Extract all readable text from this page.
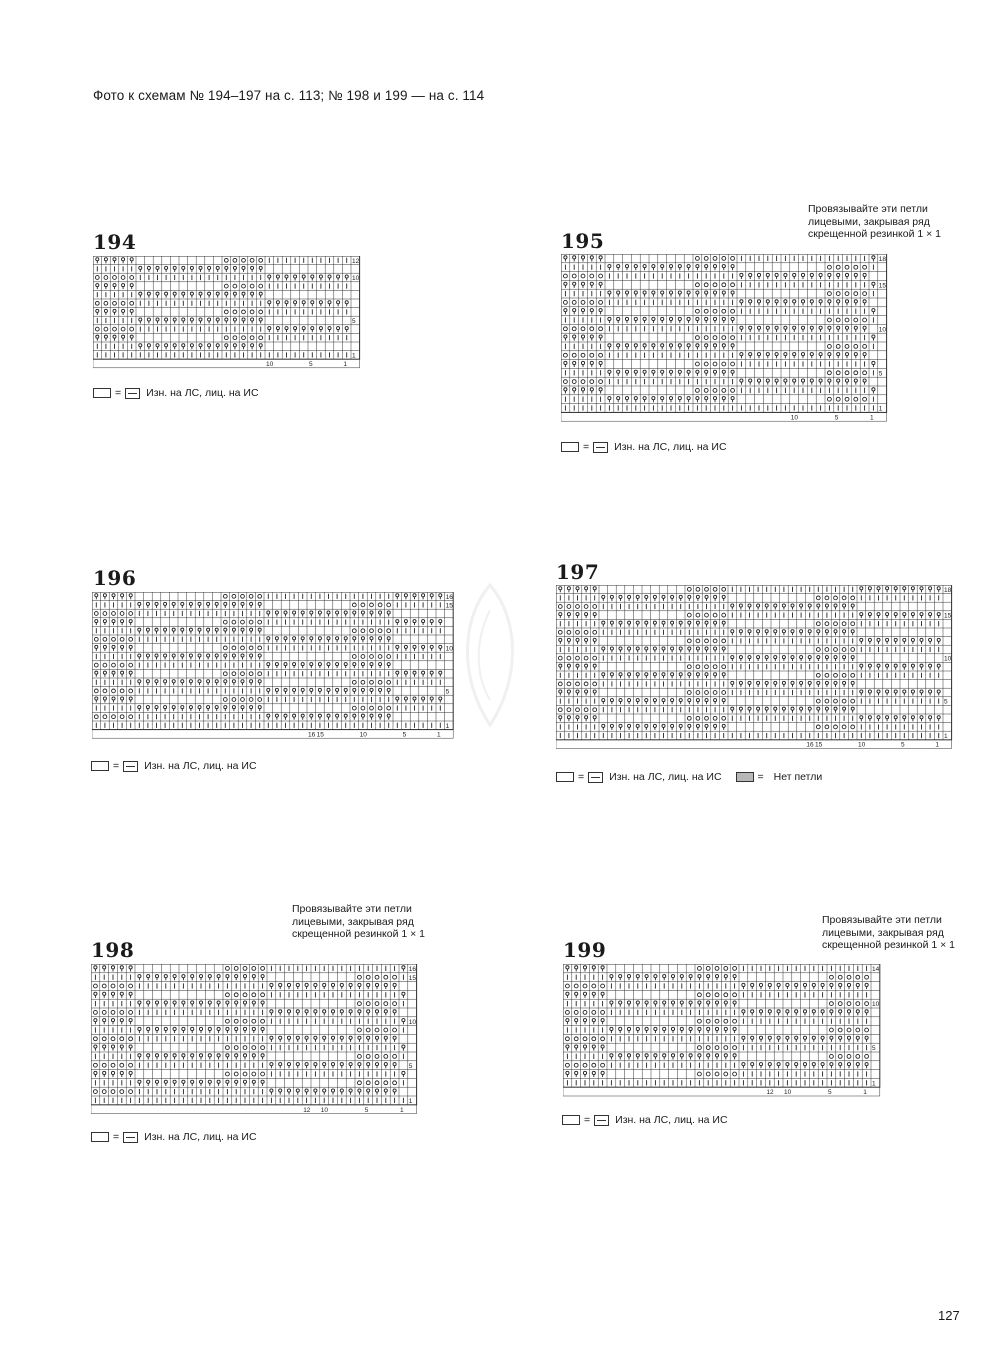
Фото к схемам № 194–197 на с. 113; № 198 и 199 — на с. 114
194
1
5
10
12
1
5
10
= Изн. на ЛС, лиц. на ИС
Провязывайте эти петли
лицевыми, закрывая ряд
скрещенной резинкой 1 × 1
195
1
5
10
15
18
1
5
10
= Изн. на ЛС, лиц. на ИС
196
1
5
10
15
16
1
5
10
15
16
= Изн. на ЛС, лиц. на ИС
197
1
5
10
15
18
1
5
10
15
16
= Изн. на ЛС, лиц. на ИС	= Нет петли
Провязывайте эти петли
лицевыми, закрывая ряд
скрещенной резинкой 1 × 1
198
1
5
10
15
16
1
5
10
12
= Изн. на ЛС, лиц. на ИС
Провязывайте эти петли
лицевыми, закрывая ряд
скрещенной резинкой 1 × 1
199
1
5
10
14
1
5
10
12
= Изн. на ЛС, лиц. на ИС
127
